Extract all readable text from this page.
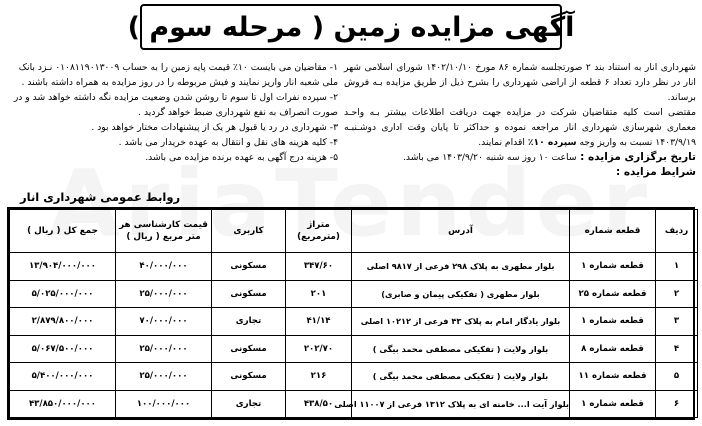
آگهی مزایده زمین ( مرحله سوم )

شهرداری انار به استناد بند ۲ صورتجلسه شماره ۸۶ مورخ ۱۴۰۲/۱۰/۱۰ شورای اسلامی شهر انار در نظر دارد تعداد ۶ قطعه از اراضی شهرداری را بشرح ذیل از طریق مزایده بـه فروش برساند.

مقتضی است کلیه متقاضیان شرکت در مزایده جهت دریافت اطلاعات بیشتر بـه واحـد معماری شهرسازی شهرداری انار مراجعه نموده و حداکثر تا پایان وقت اداری دوشـنبـه ۱۴۰۳/۹/۱۹ نسبت به واریز وجه سپرده ۱۰٪ اقدام نمایند.

تاریخ برگزاری مزایده : ساعت ۱۰ روز سه شنبه ۱۴۰۳/۹/۲۰ می باشد.

شرایط مزایده :

۱- مقاضیان می بایست ۱۰٪ قیمت پایه زمین را به حساب ۰۱۰۸۱۱۹۰۱۳۰۰۹ نـزد بانک ملی شعبه انار واریز نمایند و فیش مربوطه را در روز مزایده به همراه داشته باشند .

۲- سپرده نفرات اول تا سوم تا روشن شدن وضعیت مزایده نگه داشته خواهد شد و در صورت انصراف به نفع شهرداری ضبط خواهد گردید .

۳- شهرداری در رد یا قبول هر یک از پیشنهادات مختار خواهد بود .

۴- کلیه هزینه های نقل و انتقال به عهده خریدار می باشد .

۵- هزینه درج آگهی به عهده برنده مزایده می باشد.

روابط عمومی شهرداری انار
ردیف	قطعه شماره	آدرس	متراژ (مترمربع)	کاربری	قیمت کارشناسی هر متر مربع ( ریال )	جمع کل ( ریال )
۱	قطعه شماره ۱	بلوار مطهری به پلاک ۲۹۸ فرعی از ۹۸۱۷ اصلی	۳۴۷/۶۰	مسکونی	۴۰/۰۰۰/۰۰۰	۱۳/۹۰۴/۰۰۰/۰۰۰
۲	قطعه شماره ۲۵	بلوار مطهری ( تفکیکی پیمان و صابری)	۲۰۱	مسکونی	۲۵/۰۰۰/۰۰۰	۵/۰۲۵/۰۰۰/۰۰۰
۳	قطعه شماره ۱	بلوار یادگار امام به پلاک ۴۳ فرعی از ۱۰۲۱۲ اصلی	۴۱/۱۴	تجاری	۷۰/۰۰۰/۰۰۰	۲/۸۷۹/۸۰۰/۰۰۰
۴	قطعه شماره ۸	بلوار ولایت ( تفکیکی مصطفی محمد بیگی )	۲۰۲/۷۰	مسکونی	۲۵/۰۰۰/۰۰۰	۵/۰۶۷/۵۰۰/۰۰۰
۵	قطعه شماره ۱۱	بلوار ولایت ( تفکیکی مصطفی محمد بیگی )	۲۱۶	مسکونی	۲۵/۰۰۰/۰۰۰	۵/۴۰۰/۰۰۰/۰۰۰
۶	قطعه شماره ۱	بلوار آیت ا... خامنه ای به پلاک ۱۳۱۲ فرعی از ۱۱۰۰۷ اصلی	۴۳۸/۵۰	تجاری	۱۰۰/۰۰۰/۰۰۰	۴۳/۸۵۰/۰۰۰/۰۰۰
